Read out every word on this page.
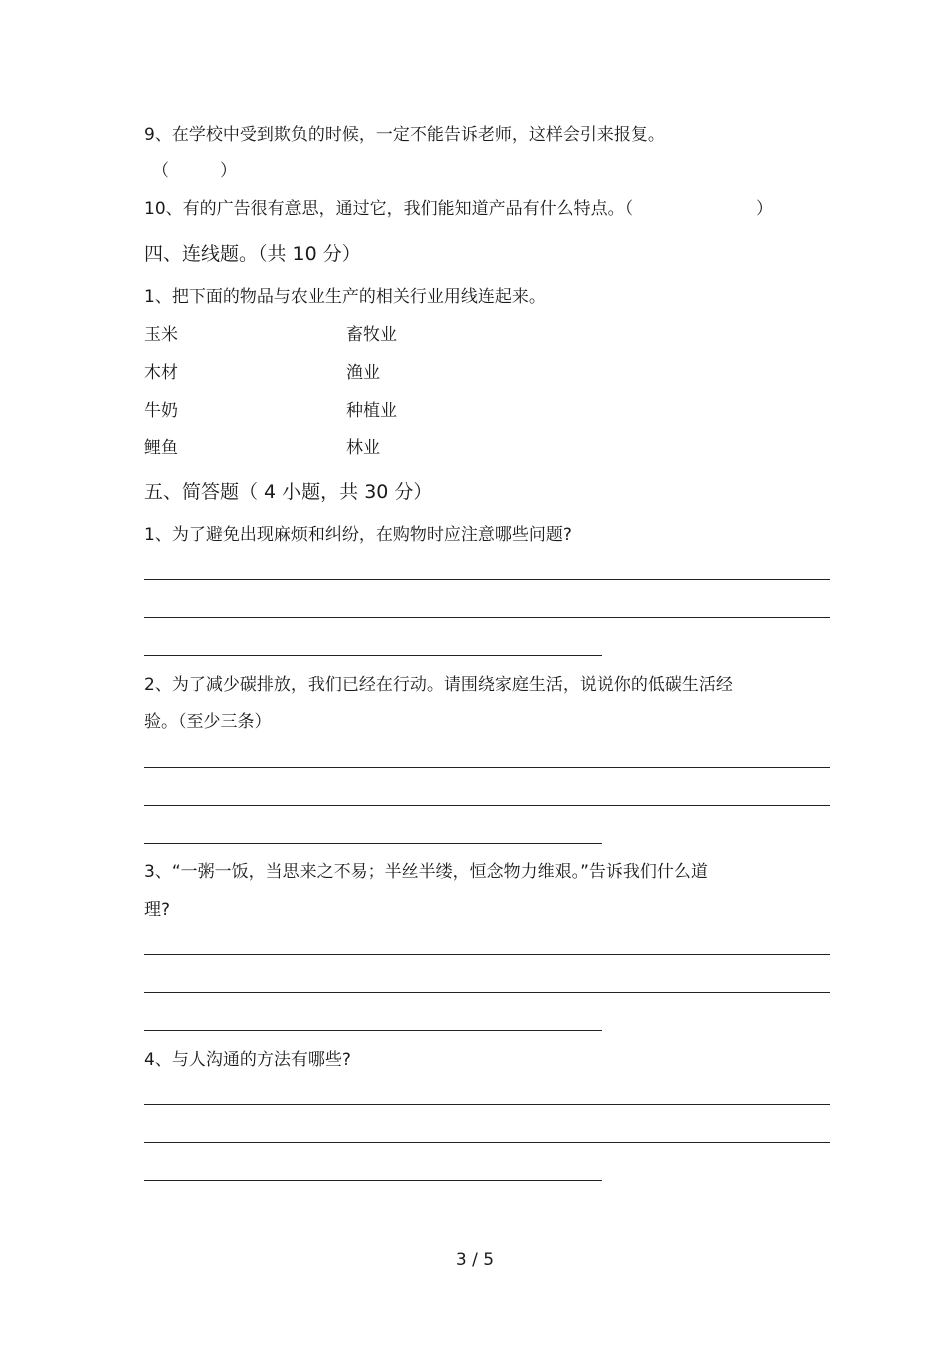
9、在学校中受到欺负的时候，一定不能告诉老师，这样会引来报复。
（	）
10、有的广告很有意思，通过它，我们能知道产品有什么特点。（	）
四、连线题。（共 10 分）
1、把下面的物品与农业生产的相关行业用线连起来。
玉米	畜牧业
木材	渔业
牛奶	种植业
鲤鱼	林业
五、简答题（ 4 小题，共 30 分）
1、为了避免出现麻烦和纠纷，在购物时应注意哪些问题?
2、为了减少碳排放，我们已经在行动。请围绕家庭生活，说说你的低碳生活经
验。（至少三条）
3、“一粥一饭，当思来之不易；半丝半缕，恒念物力维艰。”告诉我们什么道
理?
4、与人沟通的方法有哪些?
3 / 5
